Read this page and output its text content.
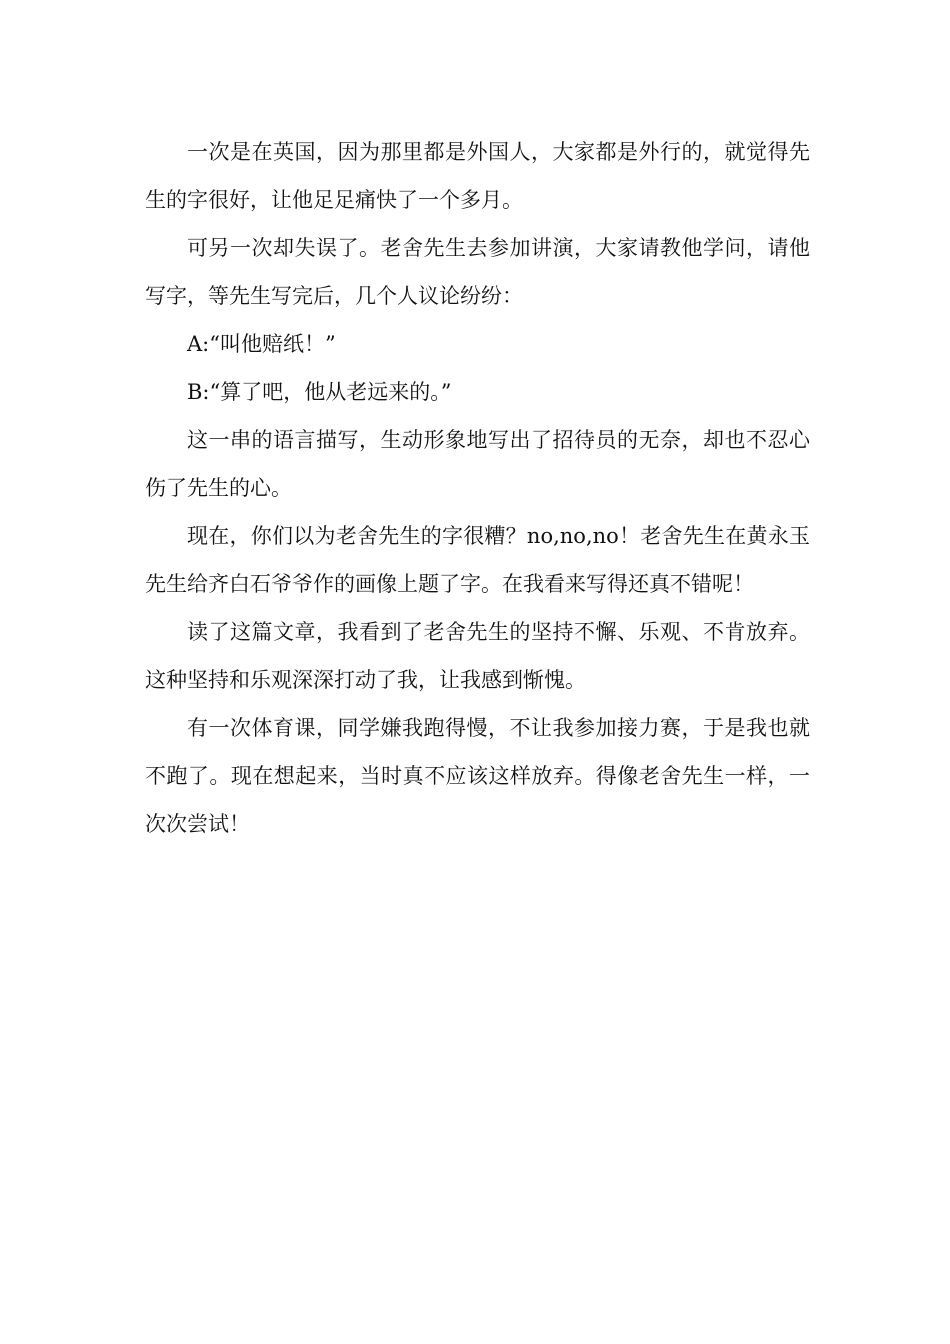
一次是在英国，因为那里都是外国人，大家都是外行的，就觉得先生的字很好，让他足足痛快了一个多月。

可另一次却失误了。老舍先生去参加讲演，大家请教他学问，请他写字，等先生写完后，几个人议论纷纷：

A:“叫他赔纸！”

B:“算了吧，他从老远来的。”

这一串的语言描写，生动形象地写出了招待员的无奈，却也不忍心伤了先生的心。

现在，你们以为老舍先生的字很糟？no,no,no！老舍先生在黄永玉先生给齐白石爷爷作的画像上题了字。在我看来写得还真不错呢！

读了这篇文章，我看到了老舍先生的坚持不懈、乐观、不肯放弃。这种坚持和乐观深深打动了我，让我感到惭愧。

有一次体育课，同学嫌我跑得慢，不让我参加接力赛，于是我也就不跑了。现在想起来，当时真不应该这样放弃。得像老舍先生一样，一次次尝试！
